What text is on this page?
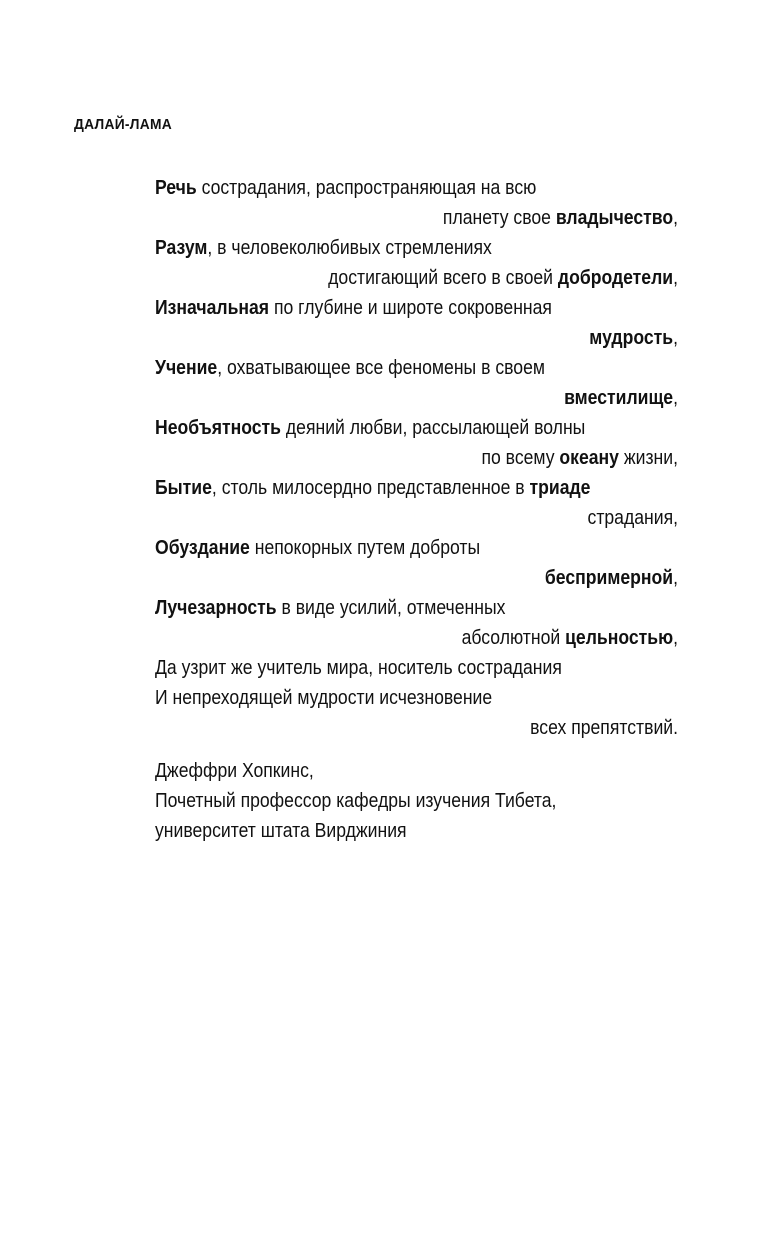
ДАЛАЙ-ЛАМА
Речь сострадания, распространяющая на всю
планету свое владычество,
Разум, в человеколюбивых стремлениях
достигающий всего в своей добродетели,
Изначальная по глубине и широте сокровенная
мудрость,
Учение, охватывающее все феномены в своем
вместилище,
Необъятность деяний любви, рассылающей волны
по всему океану жизни,
Бытие, столь милосердно представленное в триаде
страдания,
Обуздание непокорных путем доброты
беспримерной,
Лучезарность в виде усилий, отмеченных
абсолютной цельностью,
Да узрит же учитель мира, носитель сострадания
И непреходящей мудрости исчезновение
всех препятствий.
Джеффри Хопкинс,
Почетный профессор кафедры изучения Тибета,
университет штата Вирджиния
